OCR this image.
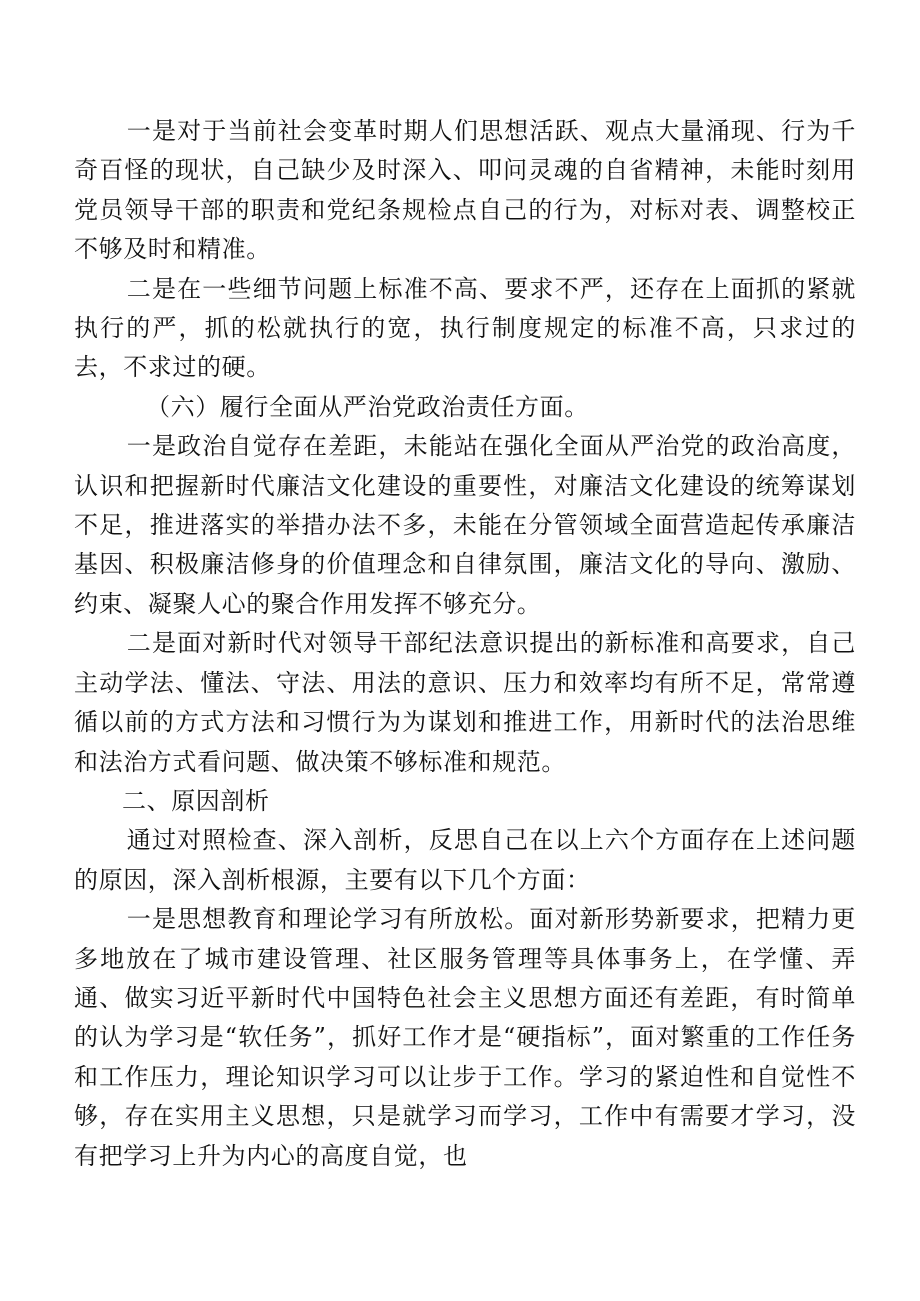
一是对于当前社会变革时期人们思想活跃、观点大量涌现、行为千奇百怪的现状，自己缺少及时深入、叩问灵魂的自省精神，未能时刻用党员领导干部的职责和党纪条规检点自己的行为，对标对表、调整校正不够及时和精准。

二是在一些细节问题上标准不高、要求不严，还存在上面抓的紧就执行的严，抓的松就执行的宽，执行制度规定的标准不高，只求过的去，不求过的硬。

（六）履行全面从严治党政治责任方面。

一是政治自觉存在差距，未能站在强化全面从严治党的政治高度，认识和把握新时代廉洁文化建设的重要性，对廉洁文化建设的统筹谋划不足，推进落实的举措办法不多，未能在分管领域全面营造起传承廉洁基因、积极廉洁修身的价值理念和自律氛围，廉洁文化的导向、激励、约束、凝聚人心的聚合作用发挥不够充分。

二是面对新时代对领导干部纪法意识提出的新标准和高要求，自己主动学法、懂法、守法、用法的意识、压力和效率均有所不足，常常遵循以前的方式方法和习惯行为为谋划和推进工作，用新时代的法治思维和法治方式看问题、做决策不够标准和规范。

二、原因剖析

通过对照检查、深入剖析，反思自己在以上六个方面存在上述问题的原因，深入剖析根源，主要有以下几个方面：

一是思想教育和理论学习有所放松。面对新形势新要求，把精力更多地放在了城市建设管理、社区服务管理等具体事务上，在学懂、弄通、做实习近平新时代中国特色社会主义思想方面还有差距，有时简单的认为学习是“软任务”，抓好工作才是“硬指标”，面对繁重的工作任务和工作压力，理论知识学习可以让步于工作。学习的紧迫性和自觉性不够，存在实用主义思想，只是就学习而学习，工作中有需要才学习，没有把学习上升为内心的高度自觉，也
